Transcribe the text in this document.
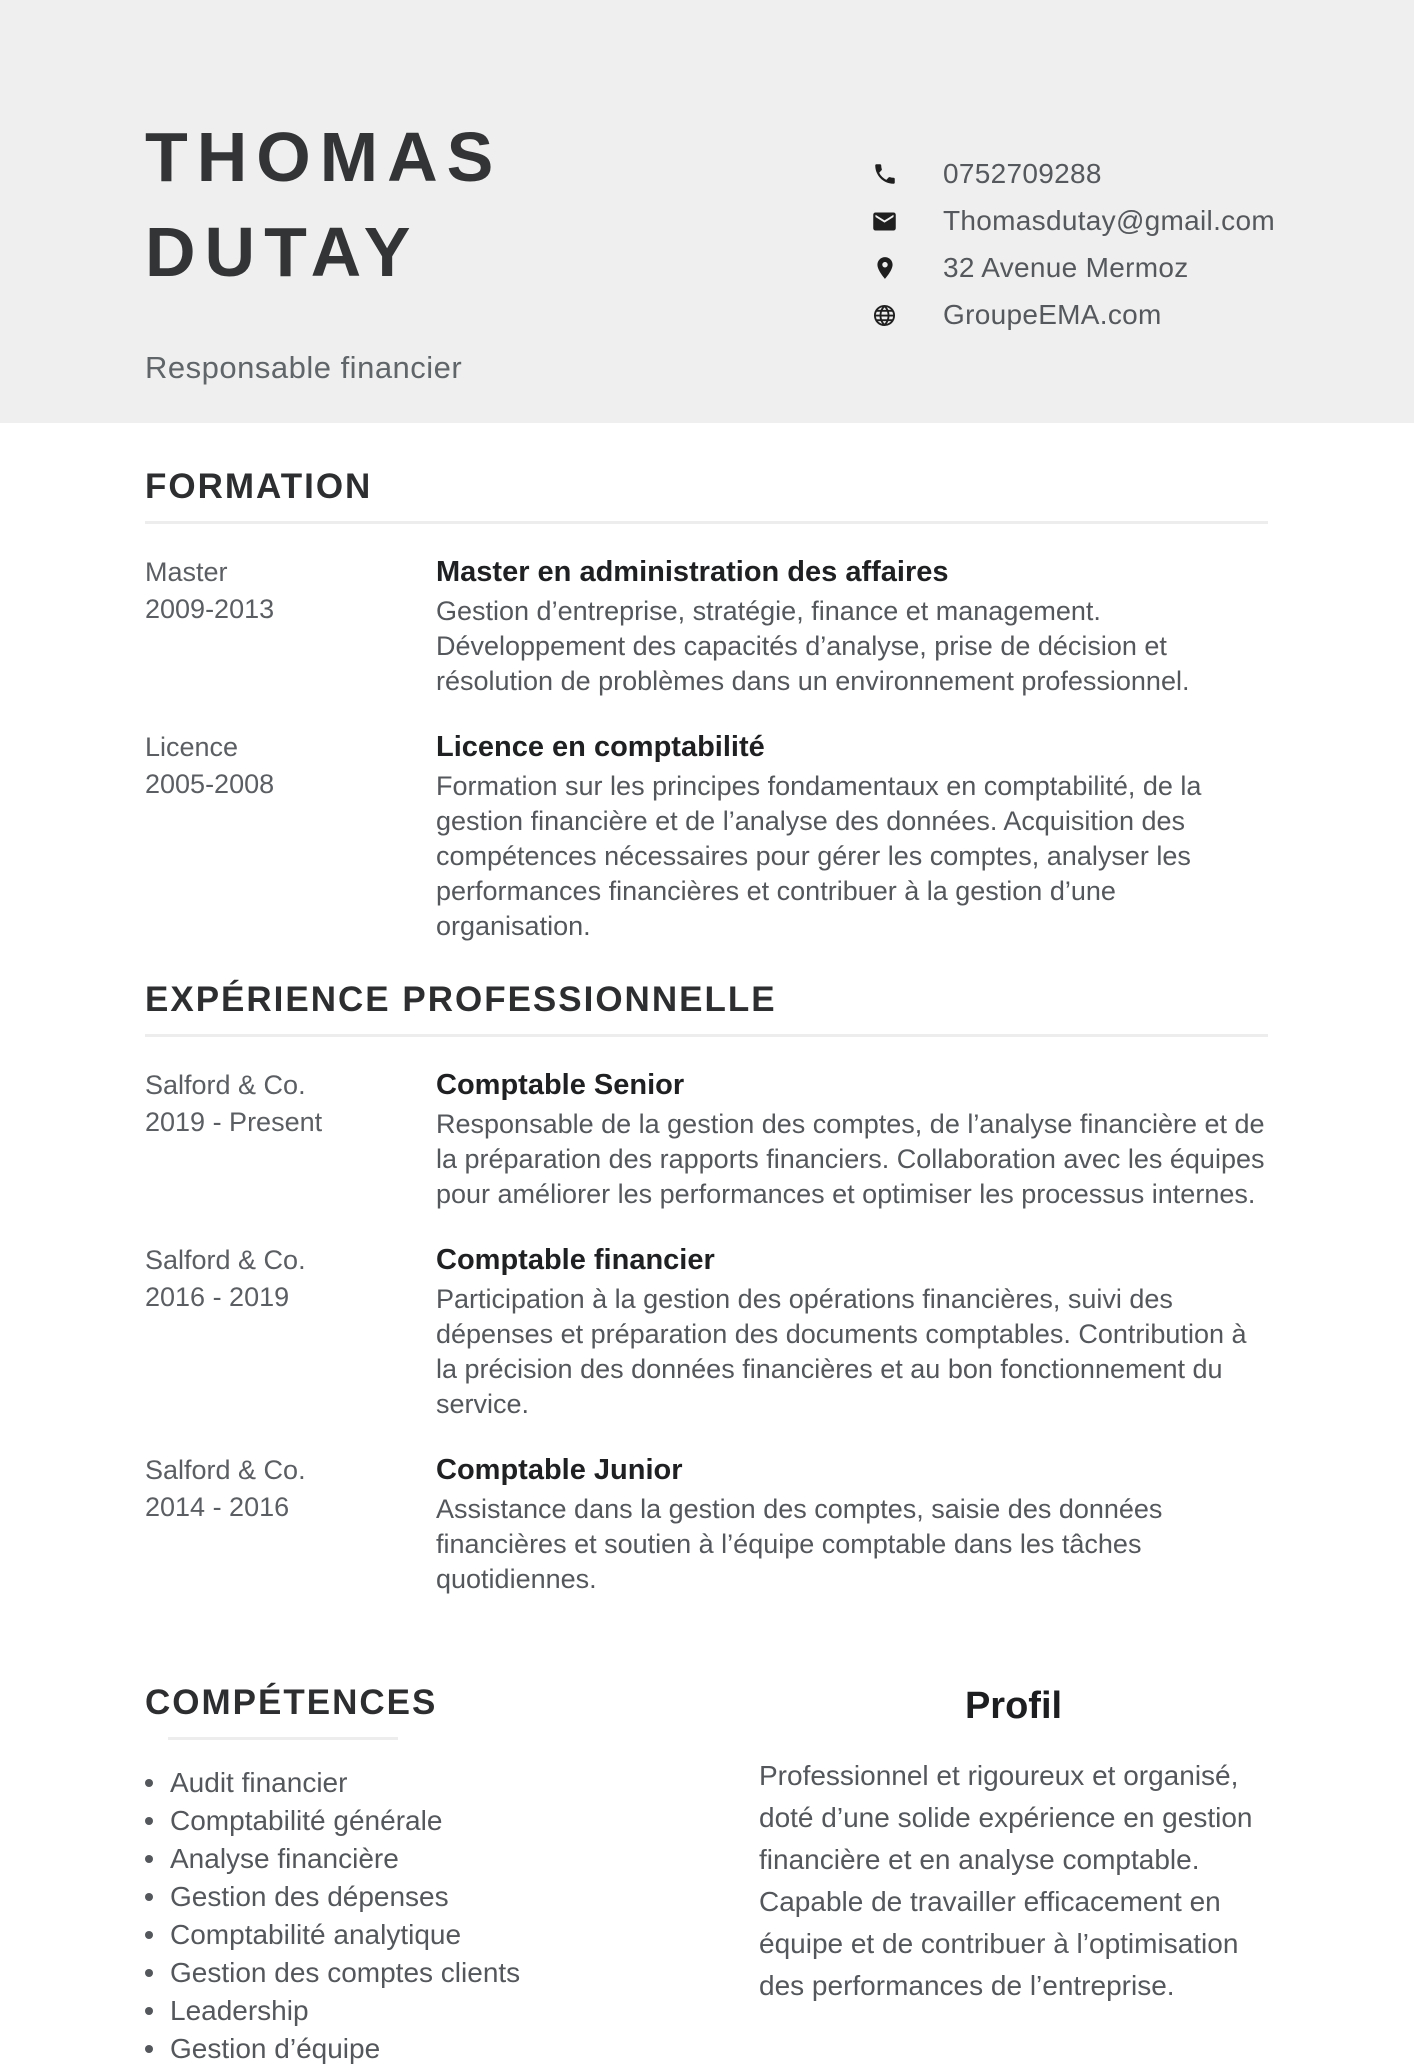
THOMAS
DUTAY
Responsable financier
0752709288
Thomasdutay@gmail.com
32 Avenue Mermoz
GroupeEMA.com
FORMATION
Master
2009-2013
Master en administration des affaires
Gestion d’entreprise, stratégie, finance et management. Développement des capacités d’analyse, prise de décision et résolution de problèmes dans un environnement professionnel.
Licence
2005-2008
Licence en comptabilité
Formation sur les principes fondamentaux en comptabilité, de la gestion financière et de l’analyse des données. Acquisition des compétences nécessaires pour gérer les comptes, analyser les performances financières et contribuer à la gestion d’une organisation.
EXPÉRIENCE PROFESSIONNELLE
Salford & Co.
2019 - Present
Comptable Senior
Responsable de la gestion des comptes, de l’analyse financière et de la préparation des rapports financiers. Collaboration avec les équipes pour améliorer les performances et optimiser les processus internes.
Salford & Co.
2016 - 2019
Comptable financier
Participation à la gestion des opérations financières, suivi des dépenses et préparation des documents comptables. Contribution à la précision des données financières et au bon fonctionnement du service.
Salford & Co.
2014 - 2016
Comptable Junior
Assistance dans la gestion des comptes, saisie des données financières et soutien à l’équipe comptable dans les tâches quotidiennes.
COMPÉTENCES
Audit financier
Comptabilité générale
Analyse financière
Gestion des dépenses
Comptabilité analytique
Gestion des comptes clients
Leadership
Gestion d’équipe
Profil

Professionnel et rigoureux et organisé, doté d’une solide expérience en gestion financière et en analyse comptable. Capable de travailler efficacement en équipe et de contribuer à l’optimisation des performances de l’entreprise.
